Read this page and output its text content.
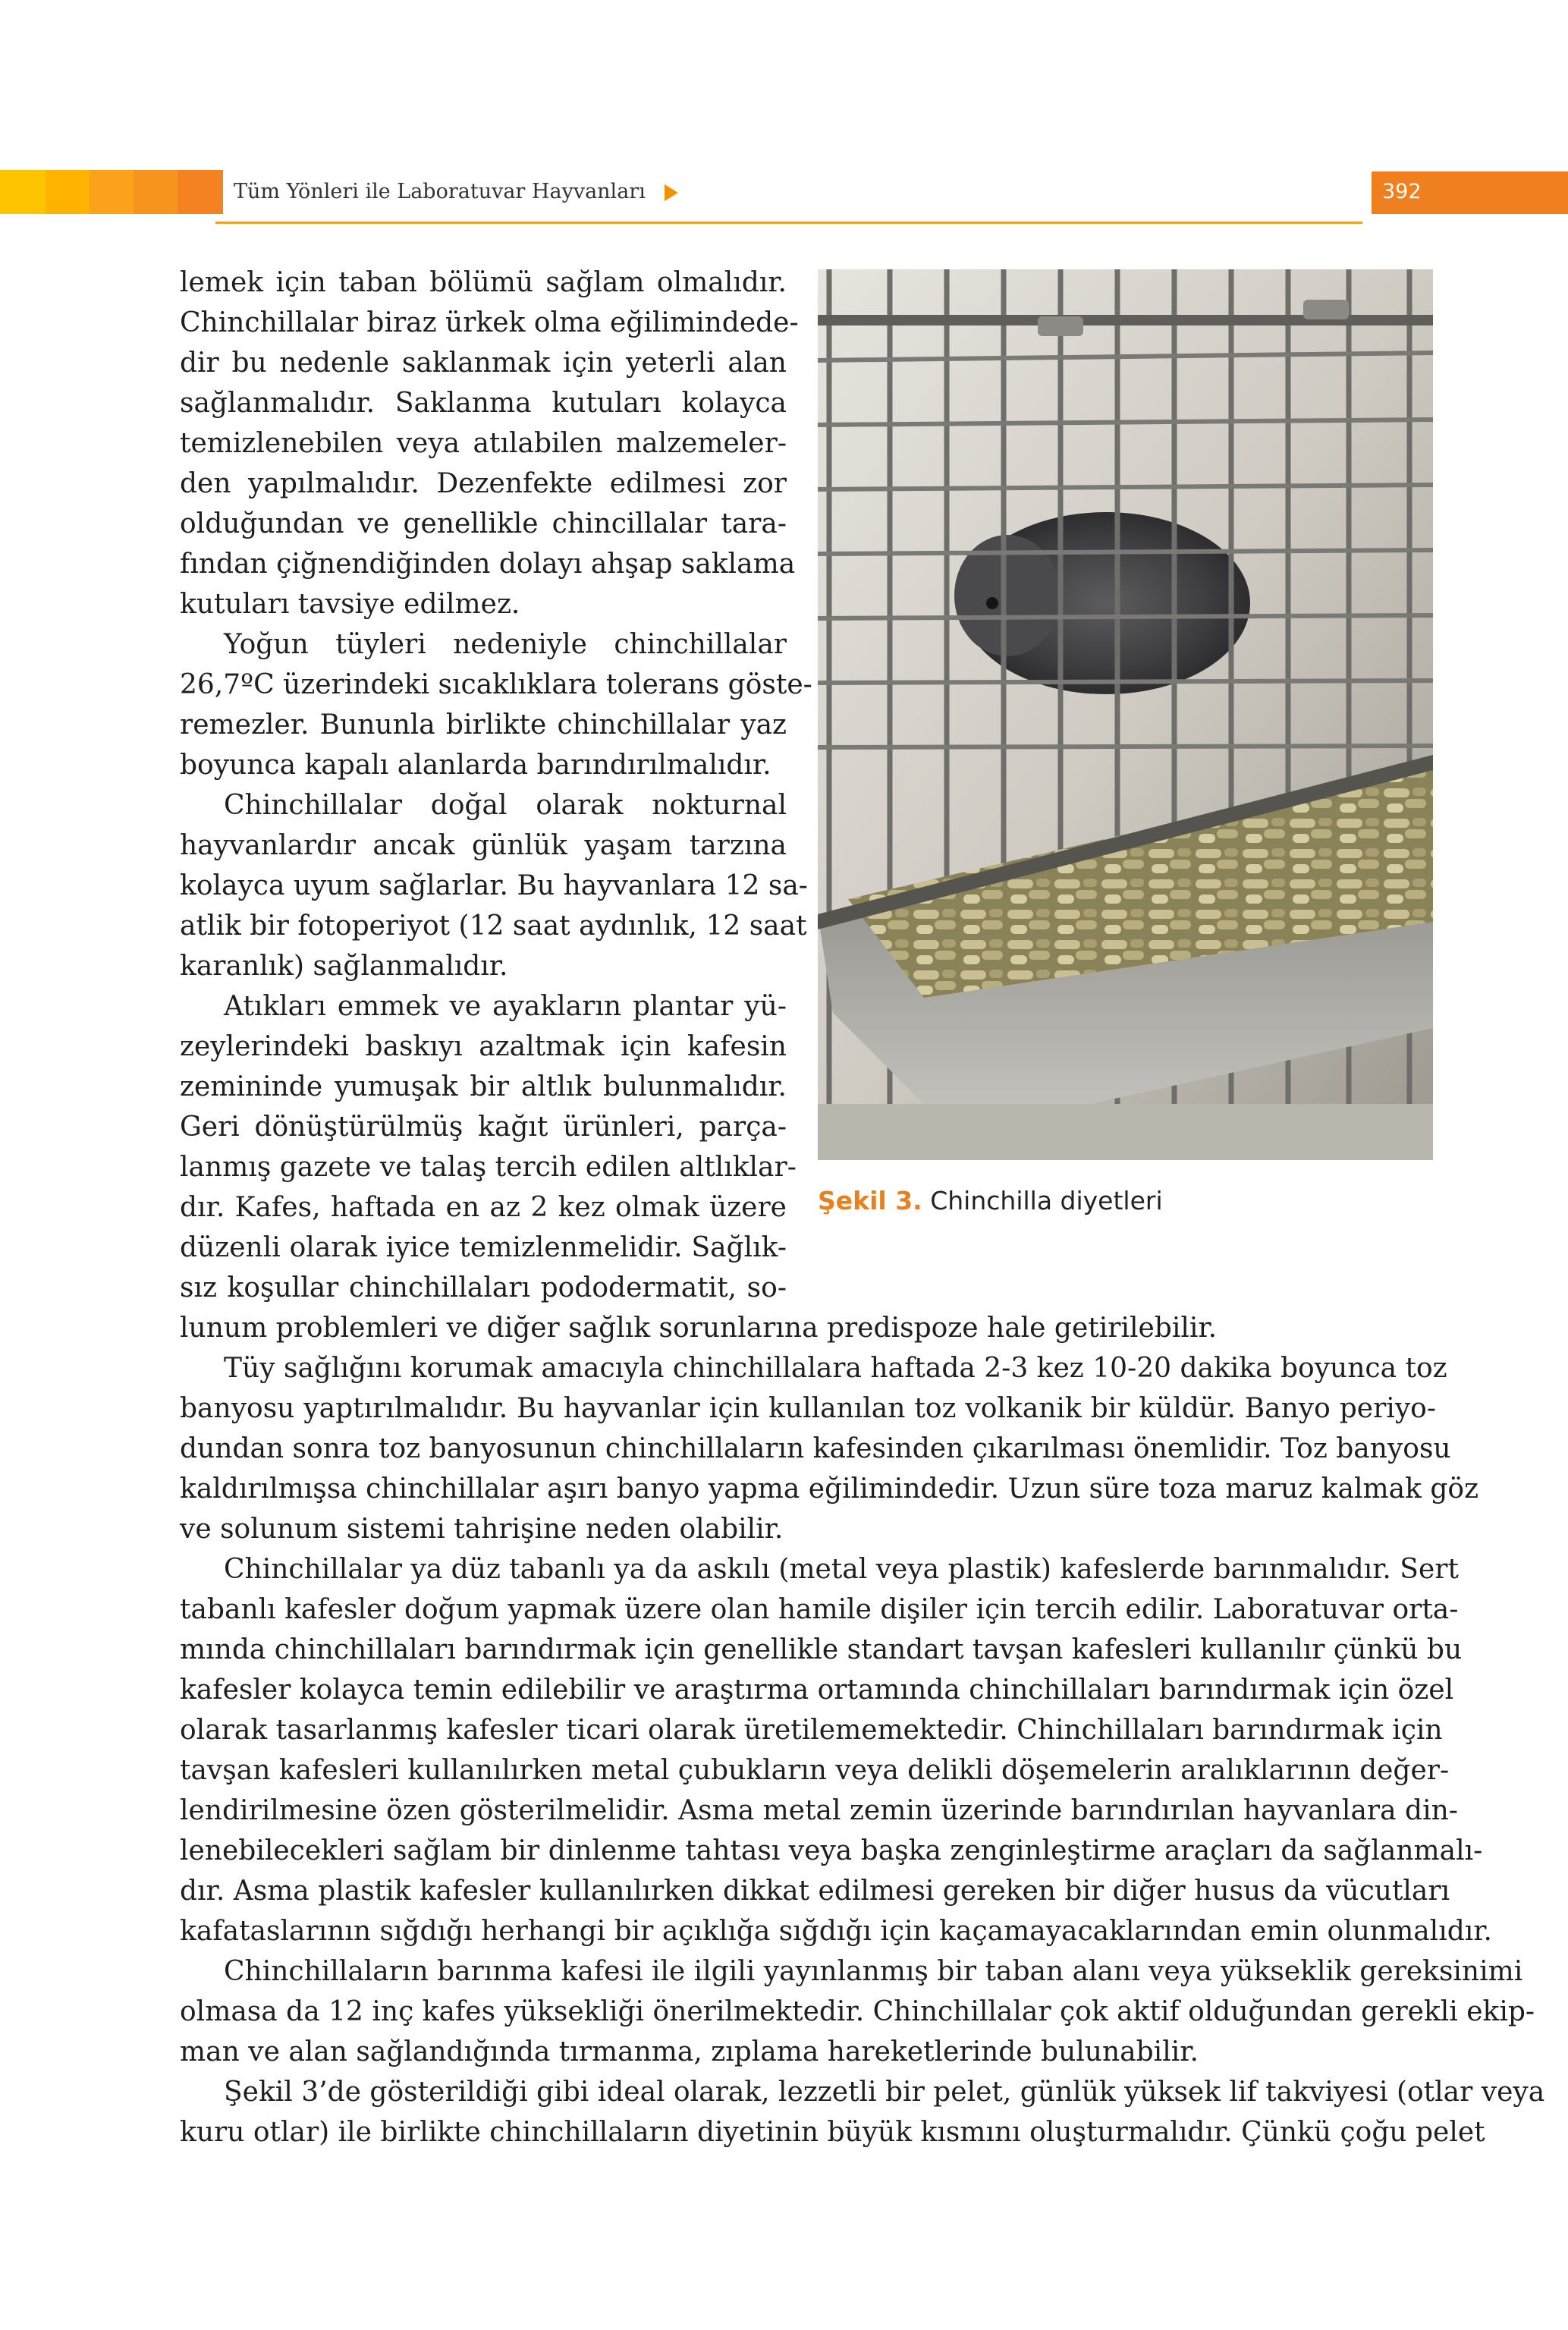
Tüm Yönleri ile Laboratuvar Hayvanları	392
lemek için taban bölümü sağlam olmalıdır.
Chinchillalar biraz ürkek olma eğilimindede-
dir bu nedenle saklanmak için yeterli alan
sağlanmalıdır. Saklanma kutuları kolayca
temizlenebilen veya atılabilen malzemeler-
den yapılmalıdır. Dezenfekte edilmesi zor
olduğundan ve genellikle chincillalar tara-
fından çiğnendiğinden dolayı ahşap saklama
kutuları tavsiye edilmez.
Yoğun tüyleri nedeniyle chinchillalar
26,7ºC üzerindeki sıcaklıklara tolerans göste-
remezler. Bununla birlikte chinchillalar yaz
boyunca kapalı alanlarda barındırılmalıdır.
Chinchillalar doğal olarak nokturnal
hayvanlardır ancak günlük yaşam tarzına
kolayca uyum sağlarlar. Bu hayvanlara 12 sa-
atlik bir fotoperiyot (12 saat aydınlık, 12 saat
karanlık) sağlanmalıdır.
Atıkları emmek ve ayakların plantar yü-
zeylerindeki baskıyı azaltmak için kafesin
zemininde yumuşak bir altlık bulunmalıdır.
Geri dönüştürülmüş kağıt ürünleri, parça-
lanmış gazete ve talaş tercih edilen altlıklar-
dır. Kafes, haftada en az 2 kez olmak üzere
düzenli olarak iyice temizlenmelidir. Sağlık-
sız koşullar chinchillaları pododermatit, so-
lunum problemleri ve diğer sağlık sorunlarına predispoze hale getirilebilir.
Tüy sağlığını korumak amacıyla chinchillalara haftada 2-3 kez 10-20 dakika boyunca toz
banyosu yaptırılmalıdır. Bu hayvanlar için kullanılan toz volkanik bir küldür. Banyo periyo-
dundan sonra toz banyosunun chinchillaların kafesinden çıkarılması önemlidir. Toz banyosu
kaldırılmışsa chinchillalar aşırı banyo yapma eğilimindedir. Uzun süre toza maruz kalmak göz
ve solunum sistemi tahrişine neden olabilir.
Chinchillalar ya düz tabanlı ya da askılı (metal veya plastik) kafeslerde barınmalıdır. Sert
tabanlı kafesler doğum yapmak üzere olan hamile dişiler için tercih edilir. Laboratuvar orta-
mında chinchillaları barındırmak için genellikle standart tavşan kafesleri kullanılır çünkü bu
kafesler kolayca temin edilebilir ve araştırma ortamında chinchillaları barındırmak için özel
olarak tasarlanmış kafesler ticari olarak üretilememektedir. Chinchillaları barındırmak için
tavşan kafesleri kullanılırken metal çubukların veya delikli döşemelerin aralıklarının değer-
lendirilmesine özen gösterilmelidir. Asma metal zemin üzerinde barındırılan hayvanlara din-
lenebilecekleri sağlam bir dinlenme tahtası veya başka zenginleştirme araçları da sağlanmalı-
dır. Asma plastik kafesler kullanılırken dikkat edilmesi gereken bir diğer husus da vücutları
kafataslarının sığdığı herhangi bir açıklığa sığdığı için kaçamayacaklarından emin olunmalıdır.
Chinchillaların barınma kafesi ile ilgili yayınlanmış bir taban alanı veya yükseklik gereksinimi
olmasa da 12 inç kafes yüksekliği önerilmektedir. Chinchillalar çok aktif olduğundan gerekli ekip-
man ve alan sağlandığında tırmanma, zıplama hareketlerinde bulunabilir.
Şekil 3’de gösterildiği gibi ideal olarak, lezzetli bir pelet, günlük yüksek lif takviyesi (otlar veya
kuru otlar) ile birlikte chinchillaların diyetinin büyük kısmını oluşturmalıdır. Çünkü çoğu pelet
Şekil 3. Chinchilla diyetleri
